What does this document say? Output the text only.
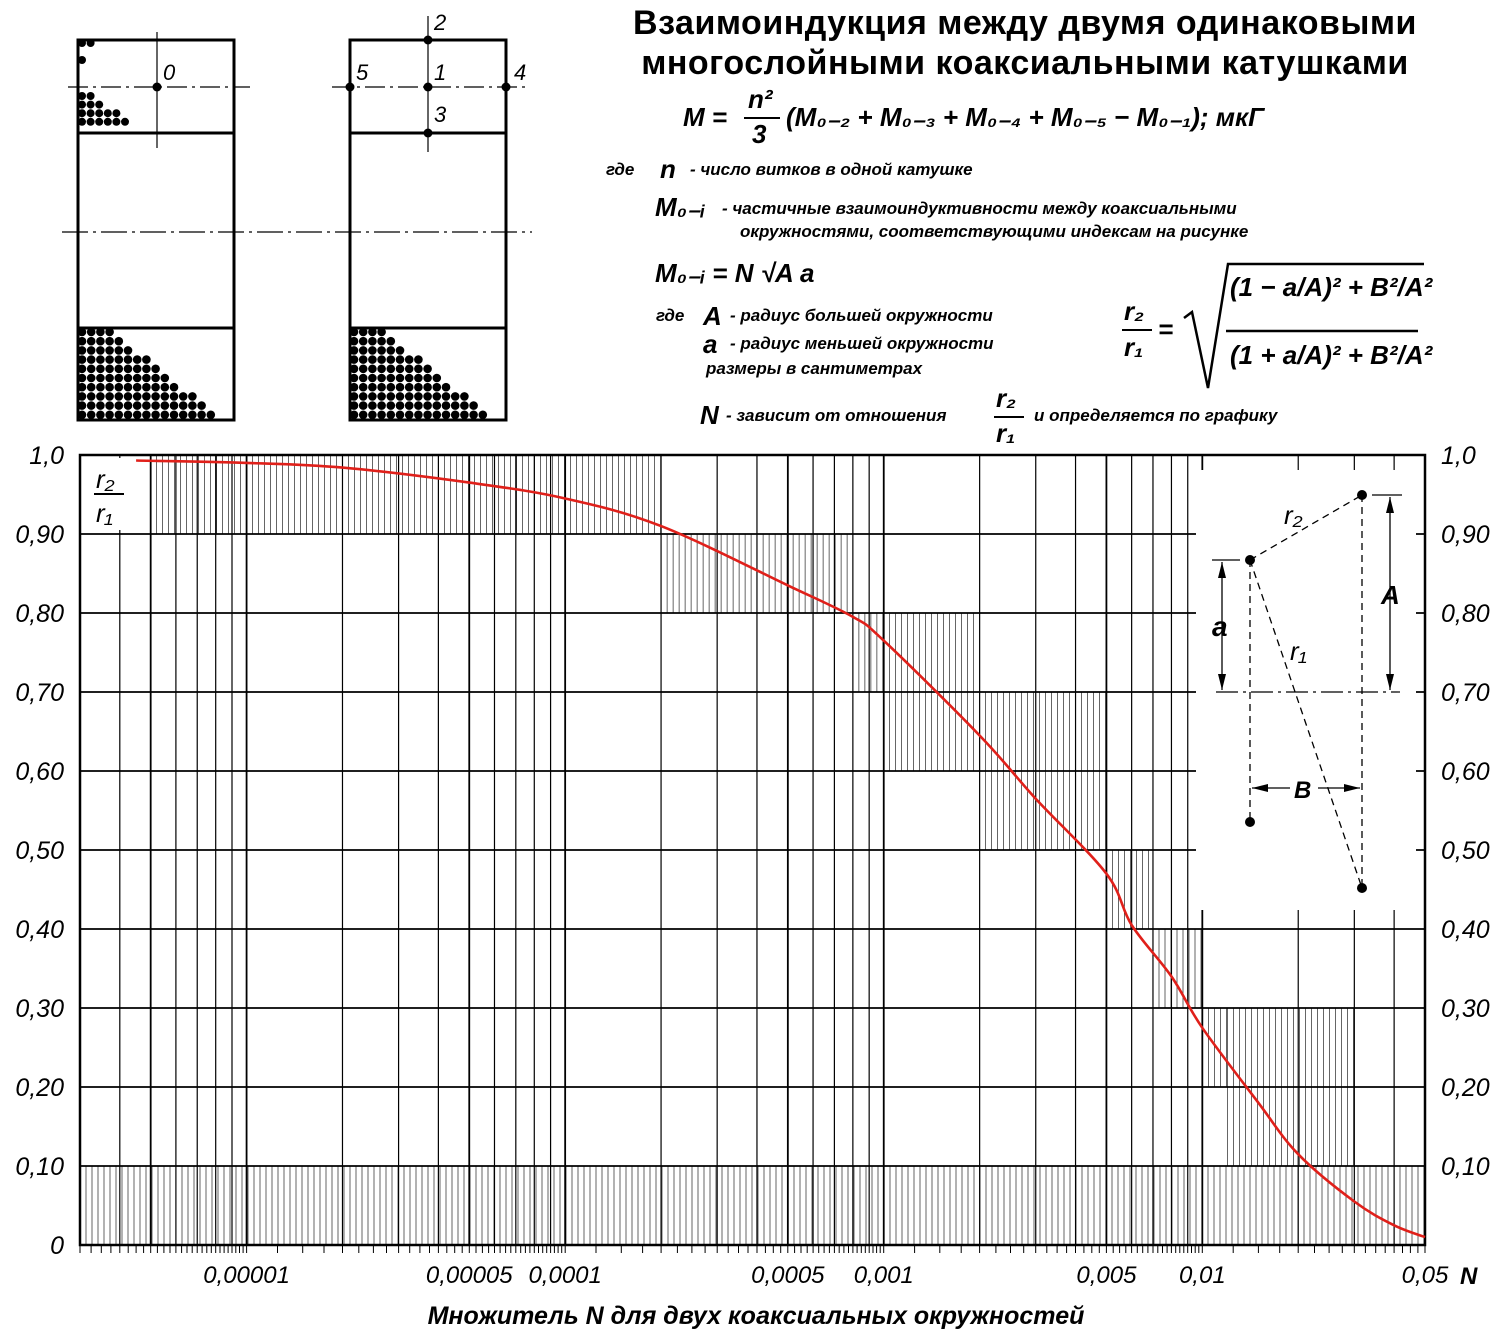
Взаимоиндукция между двумя одинаковыми
многослойными коаксиальными катушками
M =
n²
3
(M₀₋₂ + M₀₋₃ + M₀₋₄ + M₀₋₅ − M₀₋₁); мкГ
где n - число витков в одной катушке
M₀₋ᵢ - частичные взаимоиндуктивности между коаксиальными
окружностями, соответствующими индексам на рисунке
M₀₋ᵢ = N √A a
где A - радиус большей окружности
a - радиус меньшей окружности
размеры в сантиметрах
N - зависит от отношения
r₂
r₁
и определяется по графику
r₂
r₁
=
(1 − a/A)² + B²/A²
(1 + a/A)² + B²/A²
0
2
5	1	4
3
0
0,10	0,10
0,20	0,20
0,30	0,30
0,40	0,40
0,50	0,50
0,60	0,60
0,70	0,70
0,80	0,80
0,90	0,90
1,0	1,0
0,00001	0,00005 0,0001	0,0005 0,001	0,005 0,01	0,05
r₂
r₁
N
Множитель N для двух коаксиальных окружностей
r₂
r₁
A
a
B
